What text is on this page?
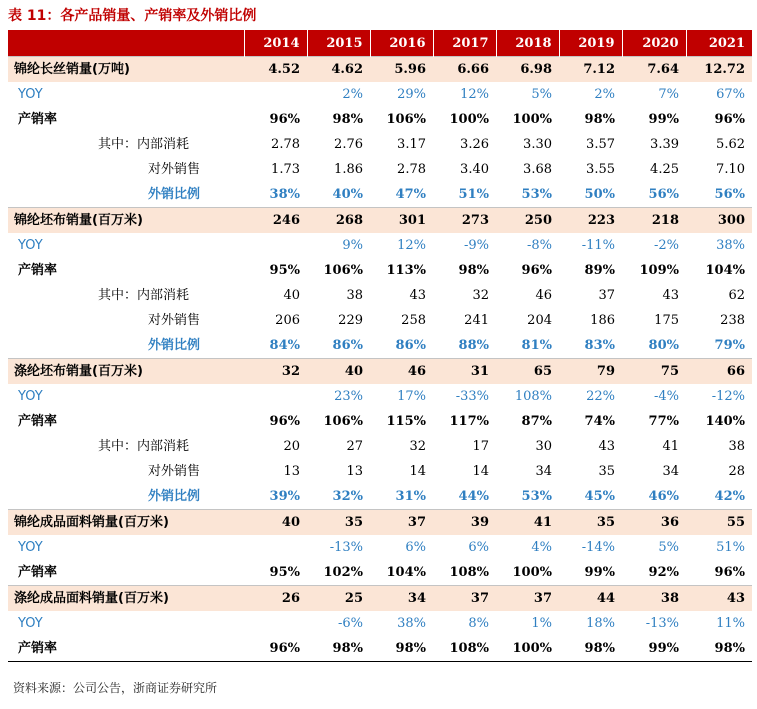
表 11：各产品销量、产销率及外销比例
	2014	2015	2016	2017	2018	2019	2020	2021
锦纶长丝销量(万吨)	4.52	4.62	5.96	6.66	6.98	7.12	7.64	12.72
YOY		2%	29%	12%	5%	2%	7%	67%
产销率	96%	98%	106%	100%	100%	98%	99%	96%
其中：内部消耗	2.78	2.76	3.17	3.26	3.30	3.57	3.39	5.62
对外销售	1.73	1.86	2.78	3.40	3.68	3.55	4.25	7.10
外销比例	38%	40%	47%	51%	53%	50%	56%	56%
锦纶坯布销量(百万米)	246	268	301	273	250	223	218	300
YOY		9%	12%	-9%	-8%	-11%	-2%	38%
产销率	95%	106%	113%	98%	96%	89%	109%	104%
其中：内部消耗	40	38	43	32	46	37	43	62
对外销售	206	229	258	241	204	186	175	238
外销比例	84%	86%	86%	88%	81%	83%	80%	79%
涤纶坯布销量(百万米)	32	40	46	31	65	79	75	66
YOY		23%	17%	-33%	108%	22%	-4%	-12%
产销率	96%	106%	115%	117%	87%	74%	77%	140%
其中：内部消耗	20	27	32	17	30	43	41	38
对外销售	13	13	14	14	34	35	34	28
外销比例	39%	32%	31%	44%	53%	45%	46%	42%
锦纶成品面料销量(百万米)	40	35	37	39	41	35	36	55
YOY		-13%	6%	6%	4%	-14%	5%	51%
产销率	95%	102%	104%	108%	100%	99%	92%	96%
涤纶成品面料销量(百万米)	26	25	34	37	37	44	38	43
YOY		-6%	38%	8%	1%	18%	-13%	11%
产销率	96%	98%	98%	108%	100%	98%	99%	98%
资料来源：公司公告，浙商证券研究所
